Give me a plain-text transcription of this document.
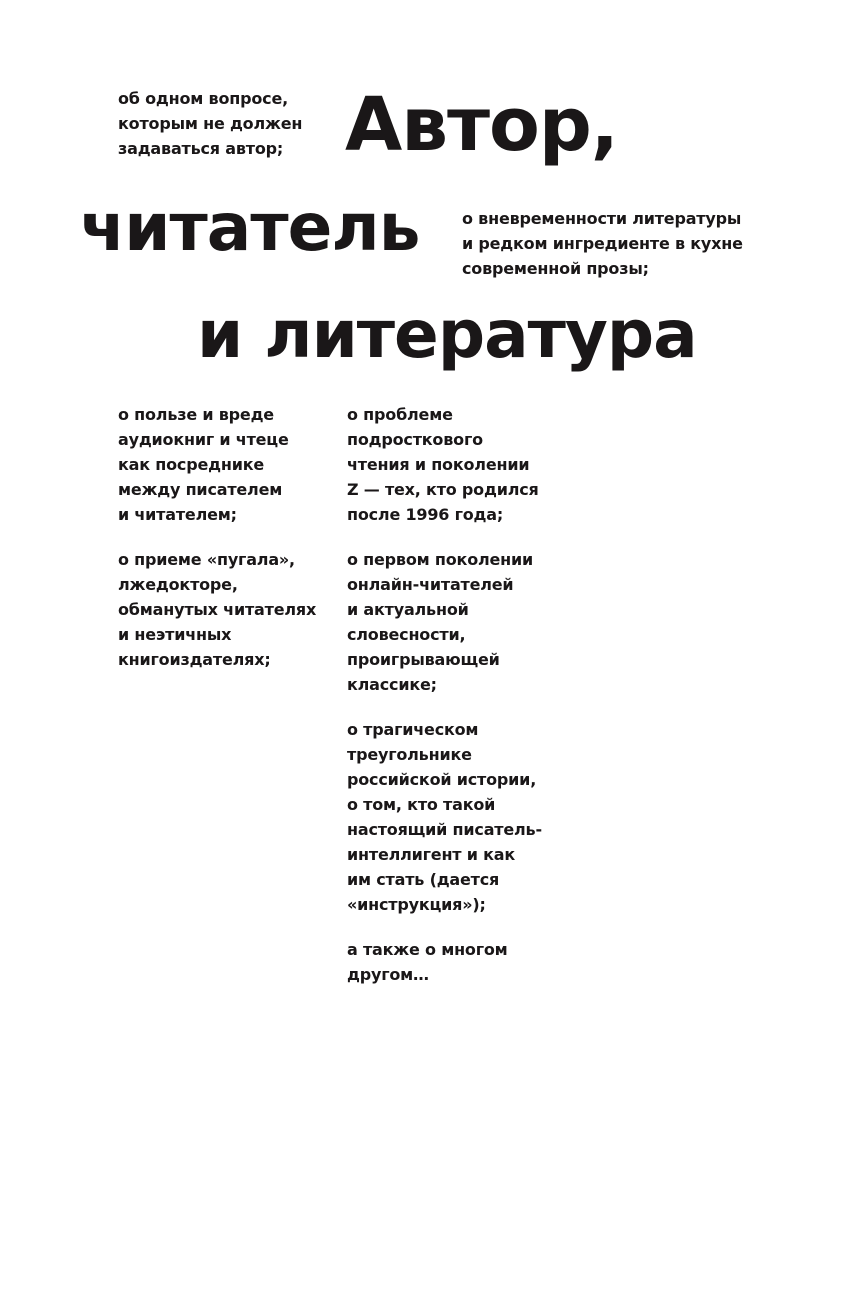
об одном вопросе,
которым не должен
задаваться автор; Автор,
читатель	о вневременности литературы
и редком ингредиенте в кухне
современной прозы;
и литература

о пользе и вреде
аудиокниг и чтеце
как посреднике
между писателем
и читателем;

о приеме «пугала»,
лжедокторе,
обманутых читателях
и неэтичных
книгоиздателях;

о проблеме
подросткового
чтения и поколении
Z — тех, кто родился
после 1996 года;

о первом поколении
онлайн-читателей
и актуальной
словесности,
проигрывающей
классике;

о трагическом
треугольнике
российской истории,
о том, кто такой
настоящий писатель-
интеллигент и как
им стать (дается
«инструкция»);

а также о многом
другом…
